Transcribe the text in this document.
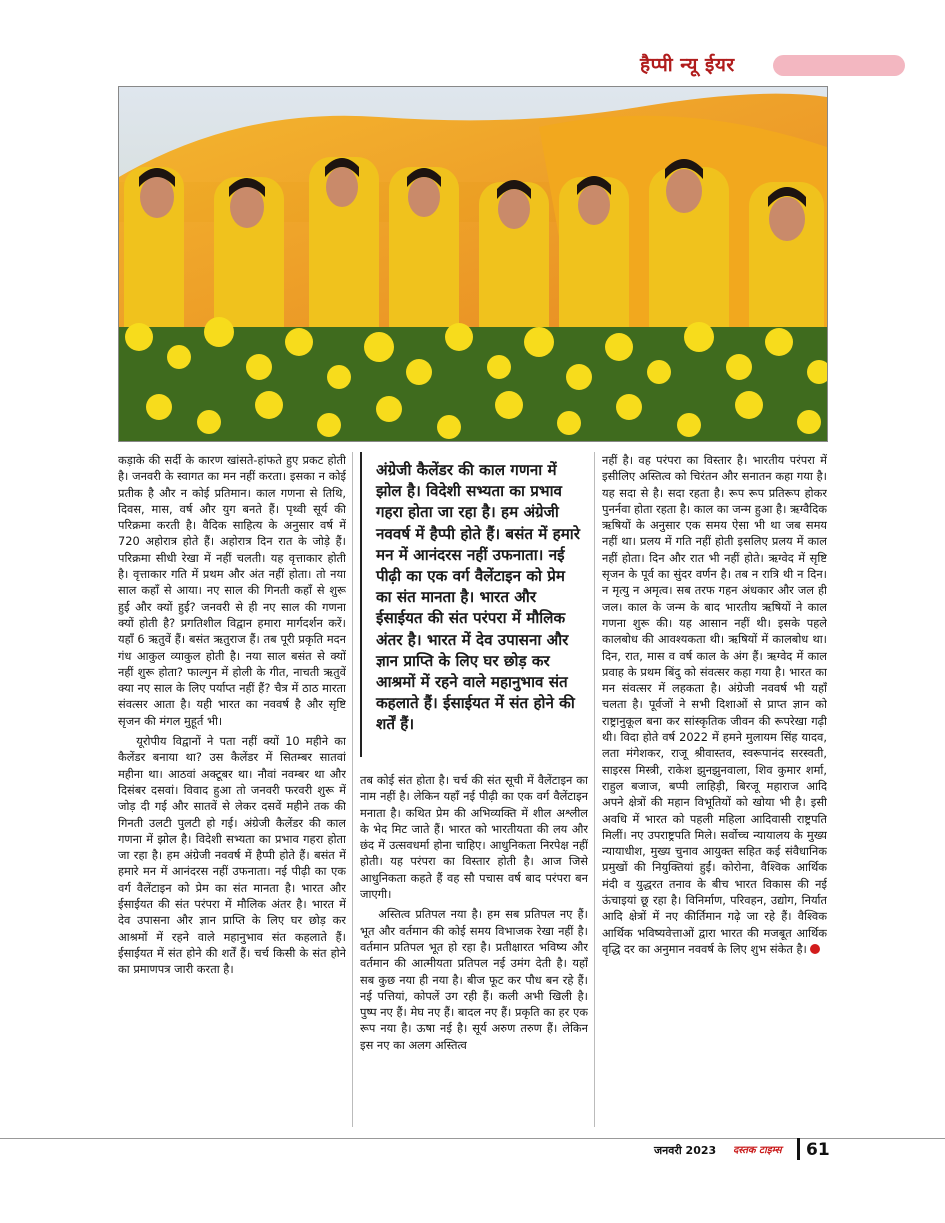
हैप्पी न्यू ईयर

कड़ाके की सर्दी के कारण खांसते-हांफते हुए प्रकट होती है। जनवरी के स्वागत का मन नहीं करता। इसका न कोई प्रतीक है और न कोई प्रतिमान। काल गणना से तिथि, दिवस, मास, वर्ष और युग बनते हैं। पृथ्वी सूर्य की परिक्रमा करती है। वैदिक साहित्य के अनुसार वर्ष में 720 अहोरात्र होते हैं। अहोरात्र दिन रात के जोड़े हैं। परिक्रमा सीधी रेखा में नहीं चलती। यह वृत्ताकार होती है। वृत्ताकार गति में प्रथम और अंत नहीं होता। तो नया साल कहाँ से आया। नए साल की गिनती कहाँ से शुरू हुई और क्यों हुई? जनवरी से ही नए साल की गणना क्यों होती है? प्रगतिशील विद्वान हमारा मार्गदर्शन करें। यहाँ 6 ऋतुवें हैं। बसंत ऋतुराज हैं। तब पूरी प्रकृति मदन गंध आकुल व्याकुल होती है। नया साल बसंत से क्यों नहीं शुरू होता? फाल्गुन में होली के गीत, नाचती ऋतुवें क्या नए साल के लिए पर्याप्त नहीं हैं? चैत्र में ठाठ मारता संवत्सर आता है। यही भारत का नववर्ष है और सृष्टि सृजन की मंगल मुहूर्त भी।

यूरोपीय विद्वानों ने पता नहीं क्यों 10 महीने का कैलेंडर बनाया था? उस कैलेंडर में सितम्बर सातवां महीना था। आठवां अक्टूबर था। नौवां नवम्बर था और दिसंबर दसवां। विवाद हुआ तो जनवरी फरवरी शुरू में जोड़ दी गई और सातवें से लेकर दसवें महीने तक की गिनती उलटी पुलटी हो गई। अंग्रेजी कैलेंडर की काल गणना में झोल है। विदेशी सभ्यता का प्रभाव गहरा होता जा रहा है। हम अंग्रेजी नववर्ष में हैप्पी होते हैं। बसंत में हमारे मन में आनंदरस नहीं उफनाता। नई पीढ़ी का एक वर्ग वैलेंटाइन को प्रेम का संत मानता है। भारत और ईसाईयत की संत परंपरा में मौलिक अंतर है। भारत में देव उपासना और ज्ञान प्राप्ति के लिए घर छोड़ कर आश्रमों में रहने वाले महानुभाव संत कहलाते हैं। ईसाईयत में संत होने की शर्तें हैं। चर्च किसी के संत होने का प्रमाणपत्र जारी करता है।

अंग्रेजी कैलेंडर की काल गणना में झोल है। विदेशी सभ्यता का प्रभाव गहरा होता जा रहा है। हम अंग्रेजी नववर्ष में हैप्पी होते हैं। बसंत में हमारे मन में आनंदरस नहीं उफनाता। नई पीढ़ी का एक वर्ग वैलेंटाइन को प्रेम का संत मानता है। भारत और ईसाईयत की संत परंपरा में मौलिक अंतर है। भारत में देव उपासना और ज्ञान प्राप्ति के लिए घर छोड़ कर आश्रमों में रहने वाले महानुभाव संत कहलाते हैं। ईसाईयत में संत होने की शर्तें हैं।

तब कोई संत होता है। चर्च की संत सूची में वैलेंटाइन का नाम नहीं है। लेकिन यहाँ नई पीढ़ी का एक वर्ग वैलेंटाइन मनाता है। कथित प्रेम की अभिव्यक्ति में शील अश्लील के भेद मिट जाते हैं। भारत को भारतीयता की लय और छंद में उत्सवधर्मा होना चाहिए। आधुनिकता निरपेक्ष नहीं होती। यह परंपरा का विस्तार होती है। आज जिसे आधुनिकता कहते हैं वह सौ पचास वर्ष बाद परंपरा बन जाएगी।

अस्तित्व प्रतिपल नया है। हम सब प्रतिपल नए हैं। भूत और वर्तमान की कोई समय विभाजक रेखा नहीं है। वर्तमान प्रतिपल भूत हो रहा है। प्रतीक्षारत भविष्य और वर्तमान की आत्मीयता प्रतिपल नई उमंग देती है। यहाँ सब कुछ नया ही नया है। बीज फूट कर पौध बन रहे हैं। नई पत्तियां, कोपलें उग रही हैं। कली अभी खिली है। पुष्प नए हैं। मेघ नए हैं। बादल नए हैं। प्रकृति का हर एक रूप नया है। ऊषा नई है। सूर्य अरुण तरुण हैं। लेकिन इस नए का अलग अस्तित्व

नहीं है। वह परंपरा का विस्तार है। भारतीय परंपरा में इसीलिए अस्तित्व को चिरंतन और सनातन कहा गया है। यह सदा से है। सदा रहता है। रूप रूप प्रतिरूप होकर पुनर्नवा होता रहता है। काल का जन्म हुआ है। ऋग्वैदिक ऋषियों के अनुसार एक समय ऐसा भी था जब समय नहीं था। प्रलय में गति नहीं होती इसलिए प्रलय में काल नहीं होता। दिन और रात भी नहीं होते। ऋग्वेद में सृष्टि सृजन के पूर्व का सुंदर वर्णन है। तब न रात्रि थी न दिन। न मृत्यु न अमृत्व। सब तरफ गहन अंधकार और जल ही जल। काल के जन्म के बाद भारतीय ऋषियों ने काल गणना शुरू की। यह आसान नहीं थी। इसके पहले कालबोध की आवश्यकता थी। ऋषियों में कालबोध था। दिन, रात, मास व वर्ष काल के अंग हैं। ऋग्वेद में काल प्रवाह के प्रथम बिंदु को संवत्सर कहा गया है। भारत का मन संवत्सर में लहकता है। अंग्रेजी नववर्ष भी यहाँ चलता है। पूर्वजों ने सभी दिशाओं से प्राप्त ज्ञान को राष्ट्रानुकूल बना कर सांस्कृतिक जीवन की रूपरेखा गढ़ी थी। विदा होते वर्ष 2022 में हमने मुलायम सिंह यादव, लता मंगेशकर, राजू श्रीवास्तव, स्वरूपानंद सरस्वती, साइरस मिस्त्री, राकेश झुनझुनवाला, शिव कुमार शर्मा, राहुल बजाज, बप्पी लाहिड़ी, बिरजू महाराज आदि अपने क्षेत्रों की महान विभूतियों को खोया भी है। इसी अवधि में भारत को पहली महिला आदिवासी राष्ट्रपति मिलीं। नए उपराष्ट्रपति मिले। सर्वोच्च न्यायालय के मुख्य न्यायाधीश, मुख्य चुनाव आयुक्त सहित कई संवैधानिक प्रमुखों की नियुक्तियां हुईं। कोरोना, वैश्विक आर्थिक मंदी व युद्धरत तनाव के बीच भारत विकास की नई ऊंचाइयां छू रहा है। विनिर्माण, परिवहन, उद्योग, निर्यात आदि क्षेत्रों में नए कीर्तिमान गढ़े जा रहे हैं। वैश्विक आर्थिक भविष्यवेत्ताओं द्वारा भारत की मजबूत आर्थिक वृद्धि दर का अनुमान नववर्ष के लिए शुभ संकेत है।

जनवरी 2023 दस्तक टाइम्स 61
